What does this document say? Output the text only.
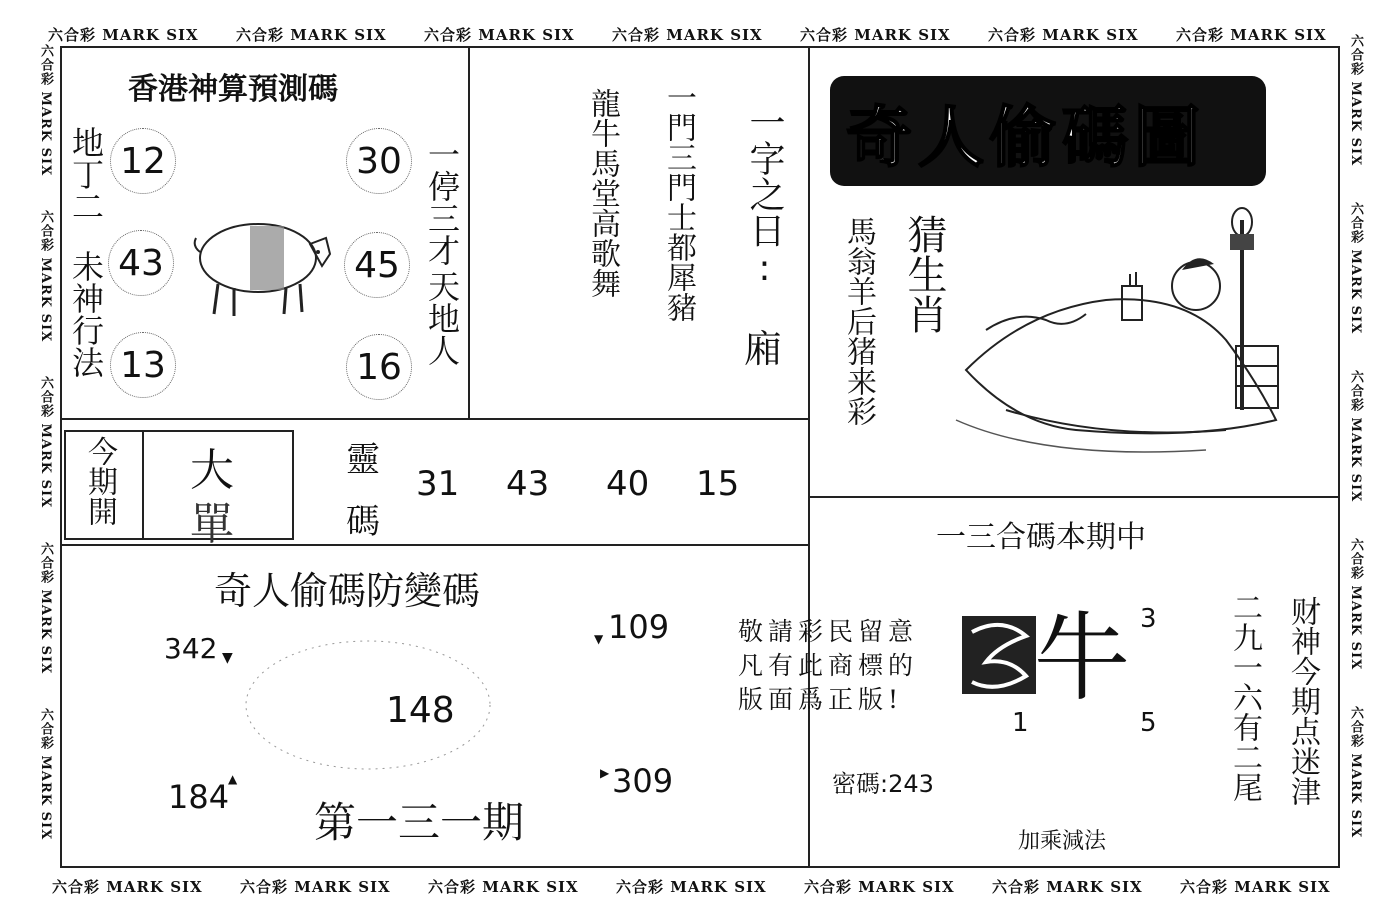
六合彩 MARK SIX 六合彩 MARK SIX 六合彩 MARK SIX 六合彩 MARK SIX 六合彩 MARK SIX 六合彩 MARK SIX 六合彩 MARK SIX
六合彩 MARK SIX 六合彩 MARK SIX 六合彩 MARK SIX 六合彩 MARK SIX 六合彩 MARK SIX 六合彩 MARK SIX 六合彩 MARK SIX
六合彩 MARK SIX六合彩 MARK SIX六合彩 MARK SIX六合彩 MARK SIX六合彩 MARK SIX
六合彩 MARK SIX六合彩 MARK SIX六合彩 MARK SIX六合彩 MARK SIX六合彩 MARK SIX
香港神算預測碼
地丁二
未神行法
12
43
13
30
45
16
一停三才
天地人
龍牛馬堂高歌舞 一門三門士都犀豬 一字之日:
廂
奇人偷碼圖
猜生肖
馬翁羊后猪来彩
今期開 大
單
靈
碼
31 43 40 15
奇人偷碼防變碼
342 ▼
▼ 109
148
184
▲	▶ 309
第一三一期
敬請彩民留意
凡有此商標的
版面爲正版!
一三合碼本期中
牛 3
1	5
密碼:243
加乘減法
二九一六有二尾 财神今期点迷津
